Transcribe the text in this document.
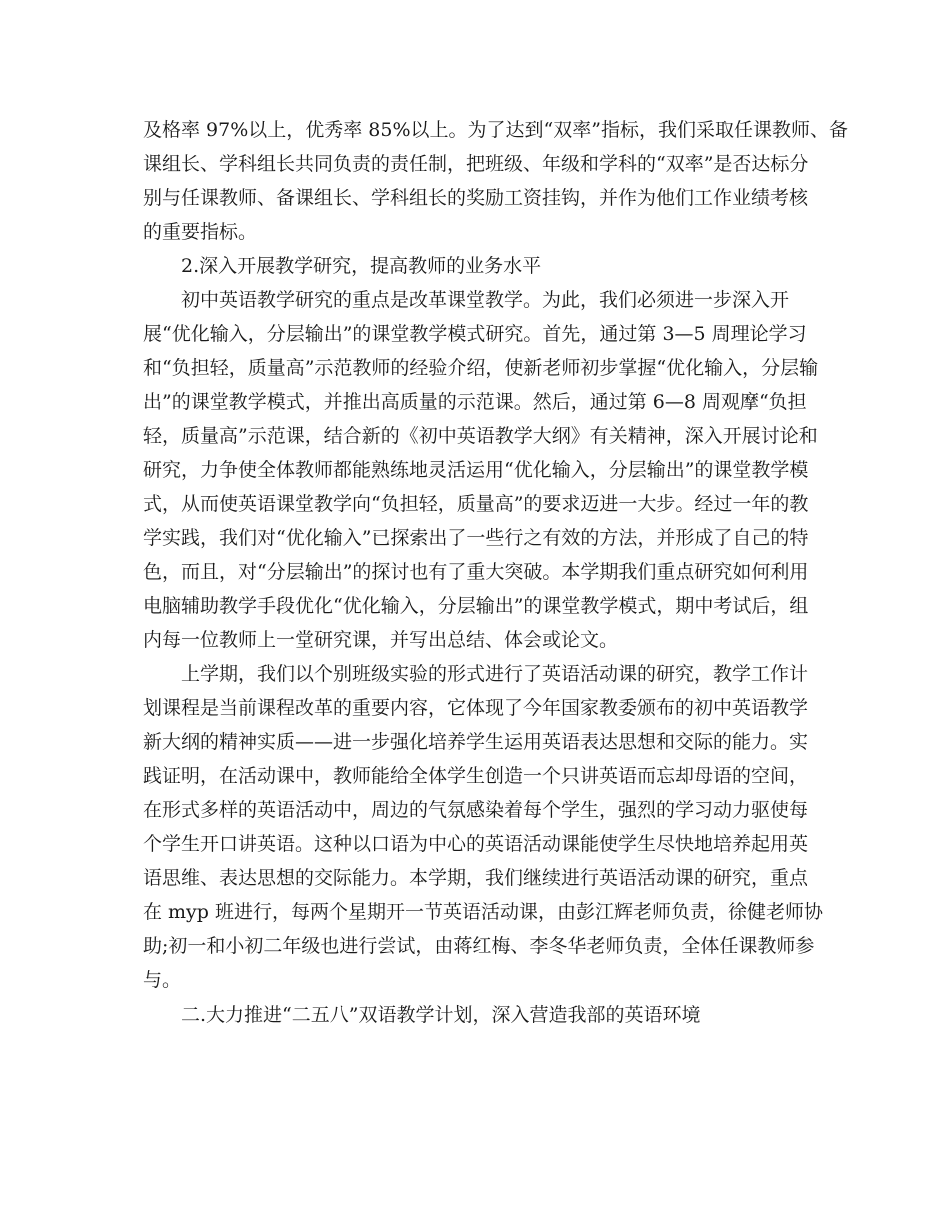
及格率 97%以上，优秀率 85%以上。为了达到“双率”指标，我们采取任课教师、备
课组长、学科组长共同负责的责任制，把班级、年级和学科的“双率”是否达标分
别与任课教师、备课组长、学科组长的奖励工资挂钩，并作为他们工作业绩考核
的重要指标。
2.深入开展教学研究，提高教师的业务水平
初中英语教学研究的重点是改革课堂教学。为此，我们必须进一步深入开
展“优化输入，分层输出”的课堂教学模式研究。首先，通过第 3—5 周理论学习
和“负担轻，质量高”示范教师的经验介绍，使新老师初步掌握“优化输入，分层输
出”的课堂教学模式，并推出高质量的示范课。然后，通过第 6—8 周观摩“负担
轻，质量高”示范课，结合新的《初中英语教学大纲》有关精神，深入开展讨论和
研究，力争使全体教师都能熟练地灵活运用“优化输入，分层输出”的课堂教学模
式，从而使英语课堂教学向“负担轻，质量高”的要求迈进一大步。经过一年的教
学实践，我们对“优化输入”已探索出了一些行之有效的方法，并形成了自己的特
色，而且，对“分层输出”的探讨也有了重大突破。本学期我们重点研究如何利用
电脑辅助教学手段优化“优化输入，分层输出”的课堂教学模式，期中考试后，组
内每一位教师上一堂研究课，并写出总结、体会或论文。
上学期，我们以个别班级实验的形式进行了英语活动课的研究，教学工作计
划课程是当前课程改革的重要内容，它体现了今年国家教委颁布的初中英语教学
新大纲的精神实质——进一步强化培养学生运用英语表达思想和交际的能力。实
践证明，在活动课中，教师能给全体学生创造一个只讲英语而忘却母语的空间，
在形式多样的英语活动中，周边的气氛感染着每个学生，强烈的学习动力驱使每
个学生开口讲英语。这种以口语为中心的英语活动课能使学生尽快地培养起用英
语思维、表达思想的交际能力。本学期，我们继续进行英语活动课的研究，重点
在 myp 班进行，每两个星期开一节英语活动课，由彭江辉老师负责，徐健老师协
助;初一和小初二年级也进行尝试，由蒋红梅、李冬华老师负责，全体任课教师参
与。
二.大力推进“二五八”双语教学计划，深入营造我部的英语环境
